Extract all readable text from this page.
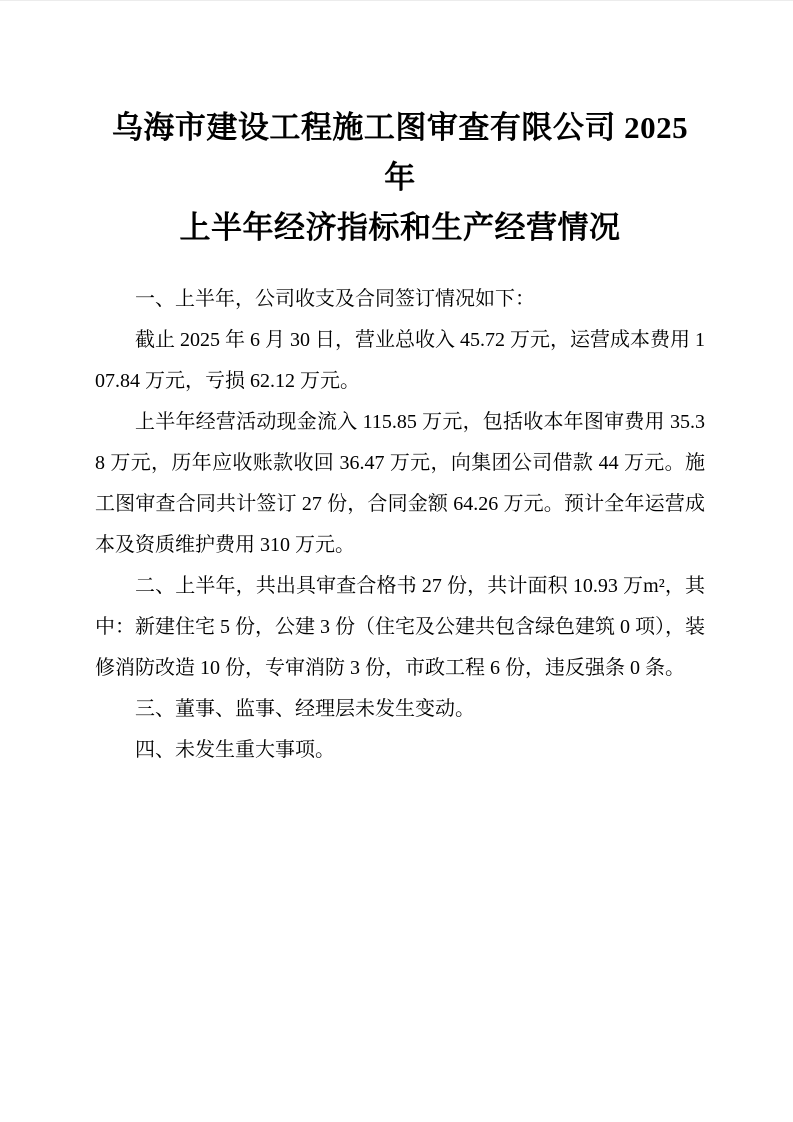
乌海市建设工程施工图审查有限公司 2025 年
上半年经济指标和生产经营情况

一、上半年，公司收支及合同签订情况如下：

截止 2025 年 6 月 30 日，营业总收入 45.72 万元，运营成本费用 107.84 万元，亏损 62.12 万元。

上半年经营活动现金流入 115.85 万元，包括收本年图审费用 35.38 万元，历年应收账款收回 36.47 万元，向集团公司借款 44 万元。施工图审查合同共计签订 27 份，合同金额 64.26 万元。预计全年运营成本及资质维护费用 310 万元。

二、上半年，共出具审查合格书 27 份，共计面积 10.93 万m²，其中：新建住宅 5 份，公建 3 份（住宅及公建共包含绿色建筑 0 项），装修消防改造 10 份，专审消防 3 份，市政工程 6 份，违反强条 0 条。

三、董事、监事、经理层未发生变动。

四、未发生重大事项。
